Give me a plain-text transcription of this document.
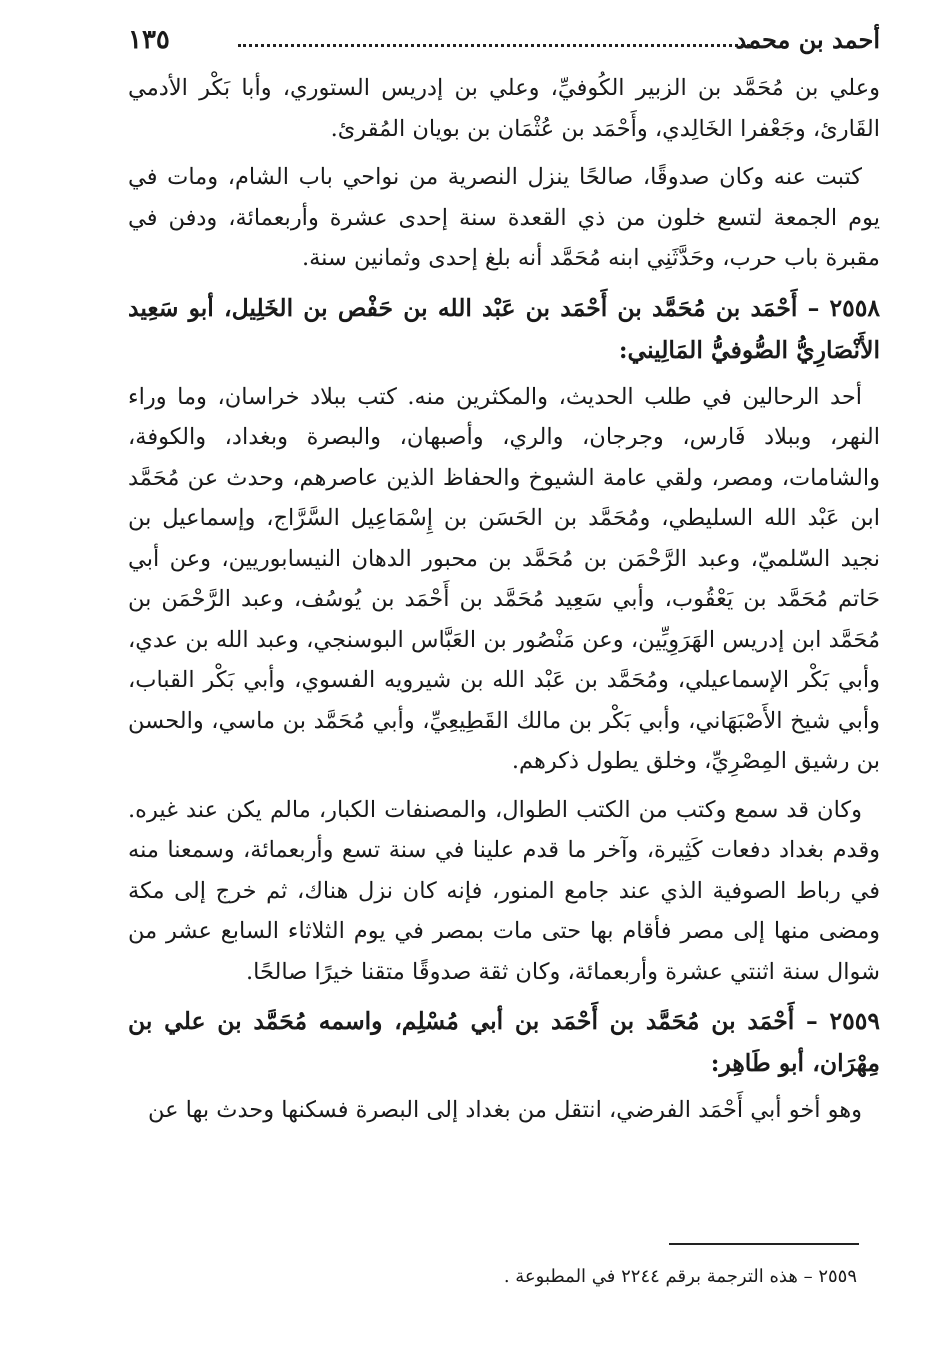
أحمد بن محمد
١٣٥

وعلي بن مُحَمَّد بن الزبير الكُوفيِّ، وعلي بن إدريس الستوري، وأبا بَكْر الأدمي القَارئ، وجَعْفرا الخَالِدي، وأَحْمَد بن عُثْمَان بن بويان المُقرئ.

كتبت عنه وكان صدوقًا، صالحًا ينزل النصرية من نواحي باب الشام، ومات في يوم الجمعة لتسع خلون من ذي القعدة سنة إحدى عشرة وأربعمائة، ودفن في مقبرة باب حرب، وحَدَّثَنِي ابنه مُحَمَّد أنه بلغ إحدى وثمانين سنة.

٢٥٥٨ – أَحْمَد بن مُحَمَّد بن أَحْمَد بن عَبْد الله بن حَفْص بن الخَلِيل، أبو سَعِيد الأَنْصَارِيُّ الصُّوفيُّ المَالِيني:

أحد الرحالين في طلب الحديث، والمكثرين منه. كتب ببلاد خراسان، وما وراء النهر، وببلاد فَارس، وجرجان، والري، وأصبهان، والبصرة وبغداد، والكوفة، والشامات، ومصر، ولقي عامة الشيوخ والحفاظ الذين عاصرهم، وحدث عن مُحَمَّد ابن عَبْد الله السليطي، ومُحَمَّد بن الحَسَن بن إِسْمَاعِيل السَّرَّاج، وإسماعيل بن نجيد السّلميّ، وعبد الرَّحْمَن بن مُحَمَّد بن محبور الدهان النيسابوريين، وعن أبي حَاتم مُحَمَّد بن يَعْقُوب، وأبي سَعِيد مُحَمَّد بن أَحْمَد بن يُوسُف، وعبد الرَّحْمَن بن مُحَمَّد ابن إدريس الهَرَوِيِّين، وعن مَنْصُور بن العَبَّاس البوسنجي، وعبد الله بن عدي، وأبي بَكْر الإسماعيلي، ومُحَمَّد بن عَبْد الله بن شيرويه الفسوي، وأبي بَكْر القباب، وأبي شيخ الأَصْبَهَاني، وأبي بَكْر بن مالك القَطِيعِيِّ، وأبي مُحَمَّد بن ماسي، والحسن بن رشيق المِصْرِيِّ، وخلق يطول ذكرهم.

وكان قد سمع وكتب من الكتب الطوال، والمصنفات الكبار، مالم يكن عند غيره. وقدم بغداد دفعات كَثِيرة، وآخر ما قدم علينا في سنة تسع وأربعمائة، وسمعنا منه في رباط الصوفية الذي عند جامع المنور، فإنه كان نزل هناك، ثم خرج إلى مكة ومضى منها إلى مصر فأقام بها حتى مات بمصر في يوم الثلاثاء السابع عشر من شوال سنة اثنتي عشرة وأربعمائة، وكان ثقة صدوقًا متقنا خيرًا صالحًا.

٢٥٥٩ – أَحْمَد بن مُحَمَّد بن أَحْمَد بن أبي مُسْلِم، واسمه مُحَمَّد بن علي بن مِهْرَان، أبو طَاهِر:

وهو أخو أبي أَحْمَد الفرضي، انتقل من بغداد إلى البصرة فسكنها وحدث بها عن

٢٥٥٩ – هذه الترجمة برقم ٢٢٤٤ في المطبوعة .
